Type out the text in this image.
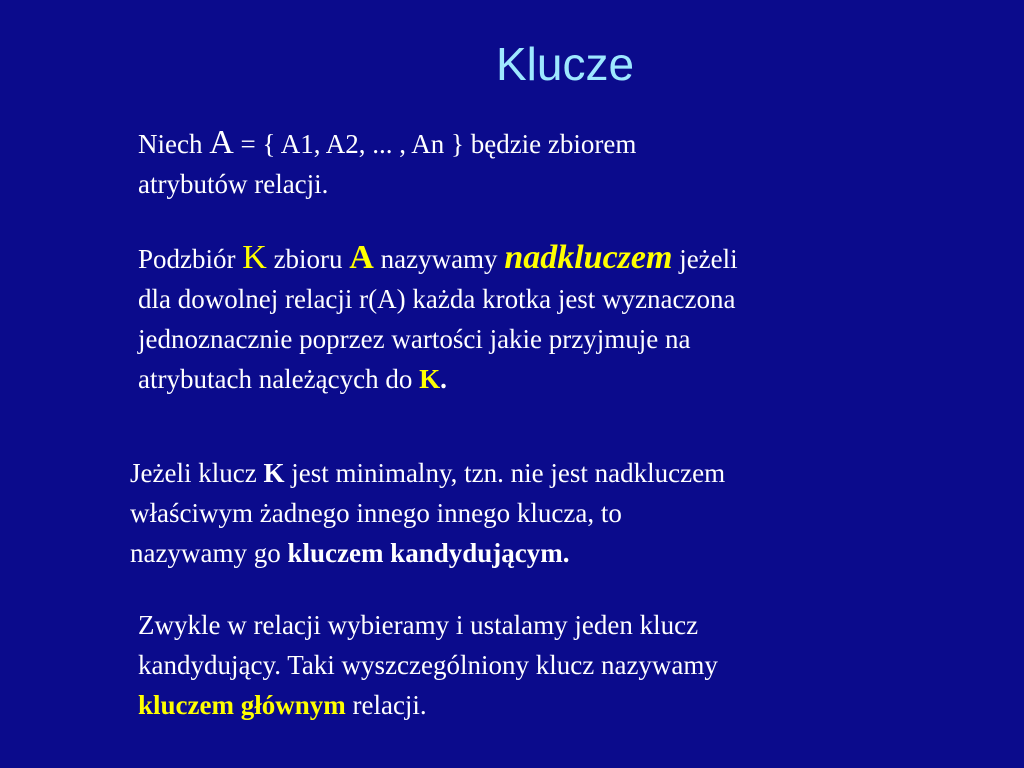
Klucze
Niech A = { A1, A2, ... , An } będzie zbiorem
atrybutów relacji.
Podzbiór K zbioru A nazywamy nadkluczem jeżeli
dla dowolnej relacji r(A) każda krotka jest wyznaczona
jednoznacznie poprzez wartości jakie przyjmuje na
atrybutach należących do K.
Jeżeli klucz K jest minimalny, tzn. nie jest nadkluczem
właściwym żadnego innego innego klucza, to
nazywamy go kluczem kandydującym.
Zwykle w relacji wybieramy i ustalamy jeden klucz
kandydujący. Taki wyszczególniony klucz nazywamy
kluczem głównym relacji.
